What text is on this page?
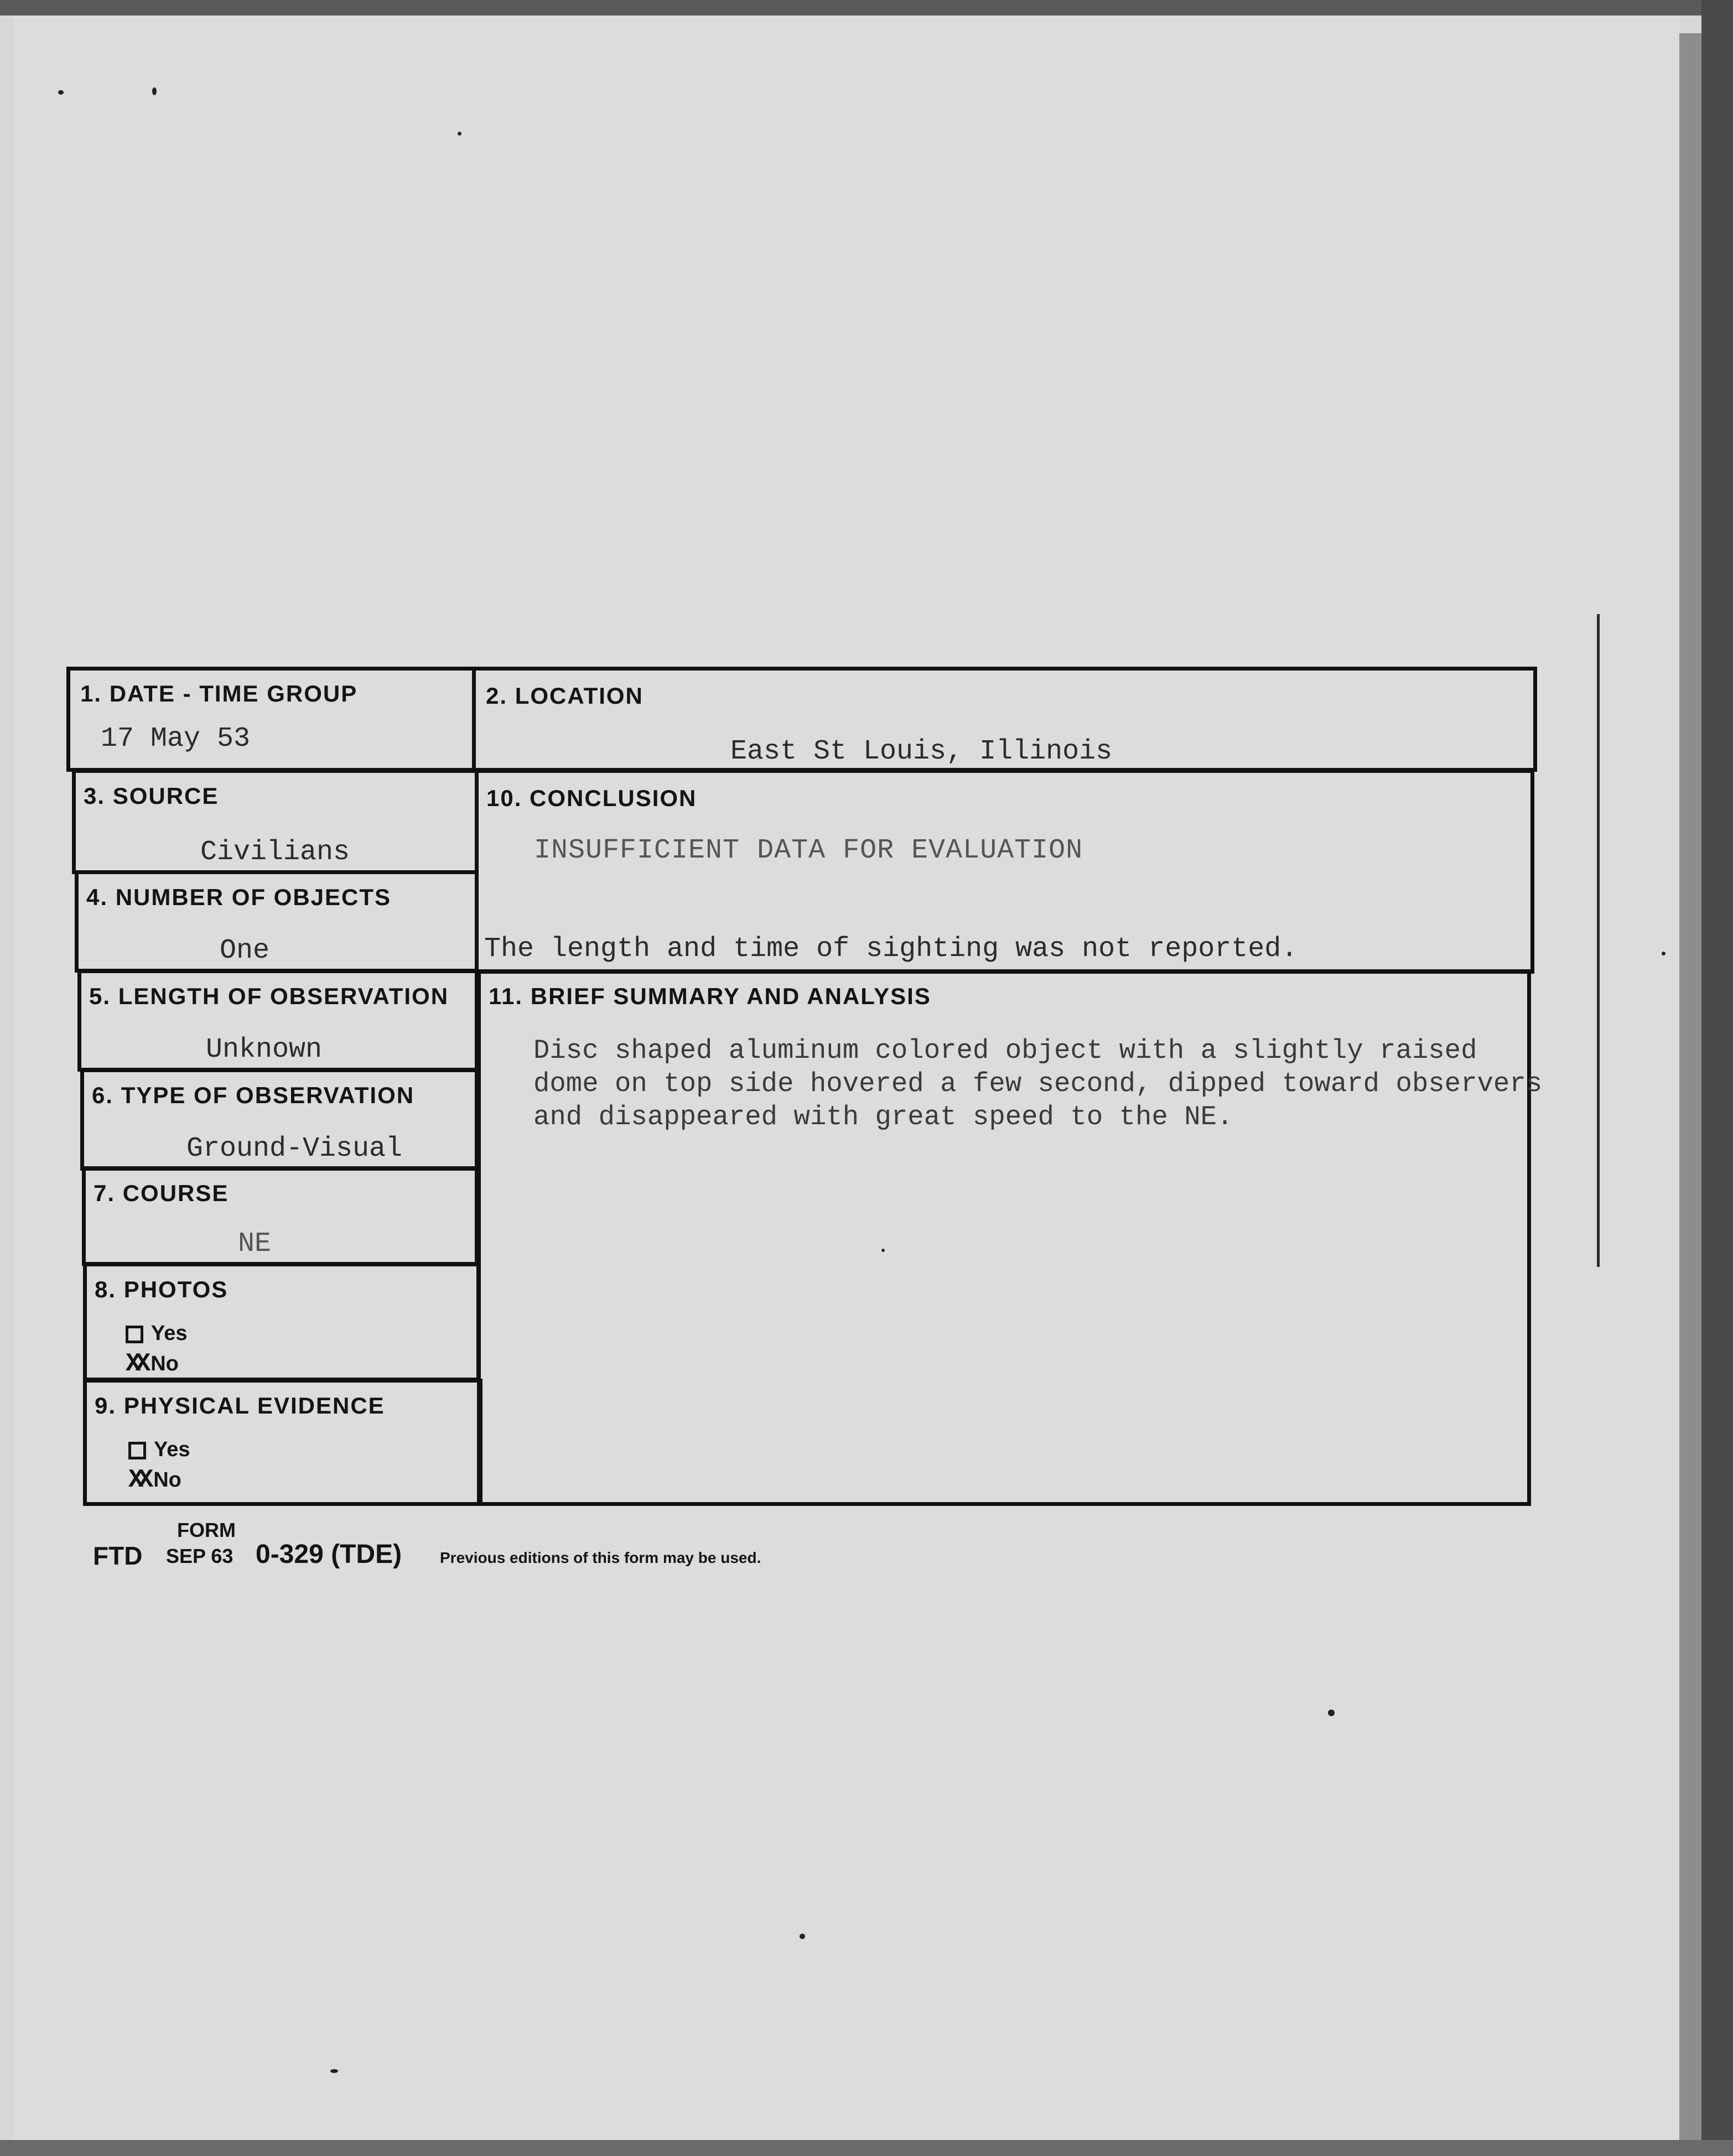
1. DATE - TIME GROUP
17 May 53
3. SOURCE
Civilians
4. NUMBER OF OBJECTS
One
5. LENGTH OF OBSERVATION
Unknown
6. TYPE OF OBSERVATION
Ground-Visual
7. COURSE
NE
8. PHOTOS
Yes
XX No
9. PHYSICAL EVIDENCE
Yes
XX No
2. LOCATION
East St Louis, Illinois
10. CONCLUSION
INSUFFICIENT DATA FOR EVALUATION
The length and time of sighting was not reported.
11. BRIEF SUMMARY AND ANALYSIS
Disc shaped aluminum colored object with a slightly raised
dome on top side hovered a few second, dipped toward observers
and disappeared with great speed to the NE.
FORM
FTD SEP 63 0-329 (TDE) Previous editions of this form may be used.
